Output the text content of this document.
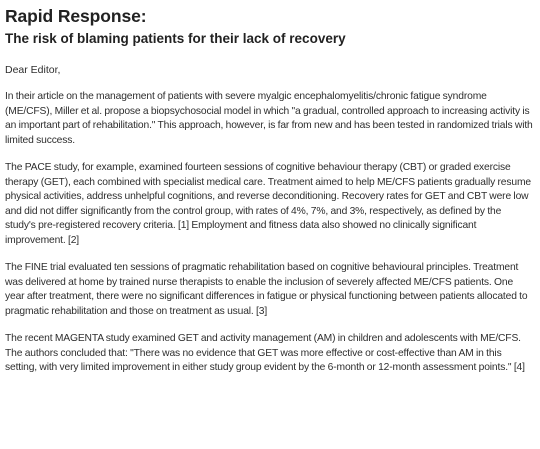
Rapid Response:
The risk of blaming patients for their lack of recovery

Dear Editor,

In their article on the management of patients with severe myalgic encephalomyelitis/chronic fatigue syndrome (ME/CFS), Miller et al. propose a biopsychosocial model in which "a gradual, controlled approach to increasing activity is an important part of rehabilitation." This approach, however, is far from new and has been tested in randomized trials with limited success.

The PACE study, for example, examined fourteen sessions of cognitive behaviour therapy (CBT) or graded exercise therapy (GET), each combined with specialist medical care. Treatment aimed to help ME/CFS patients gradually resume physical activities, address unhelpful cognitions, and reverse deconditioning. Recovery rates for GET and CBT were low and did not differ significantly from the control group, with rates of 4%, 7%, and 3%, respectively, as defined by the study's pre-registered recovery criteria. [1] Employment and fitness data also showed no clinically significant improvement. [2]

The FINE trial evaluated ten sessions of pragmatic rehabilitation based on cognitive behavioural principles. Treatment was delivered at home by trained nurse therapists to enable the inclusion of severely affected ME/CFS patients. One year after treatment, there were no significant differences in fatigue or physical functioning between patients allocated to pragmatic rehabilitation and those on treatment as usual. [3]

The recent MAGENTA study examined GET and activity management (AM) in children and adolescents with ME/CFS. The authors concluded that: "There was no evidence that GET was more effective or cost-effective than AM in this setting, with very limited improvement in either study group evident by the 6-month or 12-month assessment points." [4]
